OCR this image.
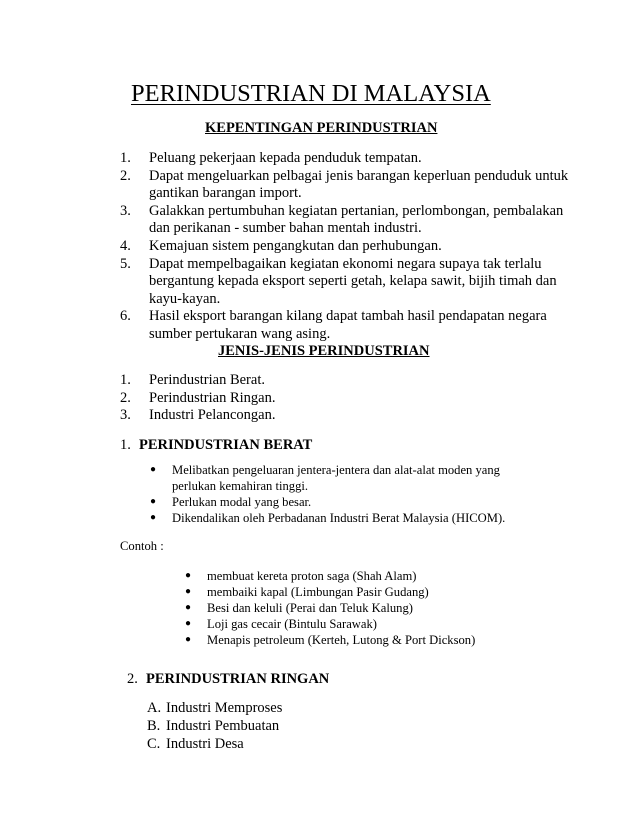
PERINDUSTRIAN DI MALAYSIA
KEPENTINGAN PERINDUSTRIAN
1. Peluang pekerjaan kepada penduduk tempatan.
2. Dapat mengeluarkan pelbagai jenis barangan keperluan penduduk untuk
gantikan barangan import.
3. Galakkan pertumbuhan kegiatan pertanian, perlombongan, pembalakan
dan perikanan - sumber bahan mentah industri.
4. Kemajuan sistem pengangkutan dan perhubungan.
5. Dapat mempelbagaikan kegiatan ekonomi negara supaya tak terlalu
bergantung kepada eksport seperti getah, kelapa sawit, bijih timah dan
kayu-kayan.
6. Hasil eksport barangan kilang dapat tambah hasil pendapatan negara
sumber pertukaran wang asing.
JENIS-JENIS PERINDUSTRIAN
1. Perindustrian Berat.
2. Perindustrian Ringan.
3. Industri Pelancongan.
1. PERINDUSTRIAN BERAT
● Melibatkan pengeluaran jentera-jentera dan alat-alat moden yang
perlukan kemahiran tinggi.
● Perlukan modal yang besar.
● Dikendalikan oleh Perbadanan Industri Berat Malaysia (HICOM).
Contoh :
● membuat kereta proton saga (Shah Alam)
● membaiki kapal (Limbungan Pasir Gudang)
● Besi dan keluli (Perai dan Teluk Kalung)
● Loji gas cecair (Bintulu Sarawak)
● Menapis petroleum (Kerteh, Lutong & Port Dickson)
2. PERINDUSTRIAN RINGAN
A. Industri Memproses
B. Industri Pembuatan
C. Industri Desa
